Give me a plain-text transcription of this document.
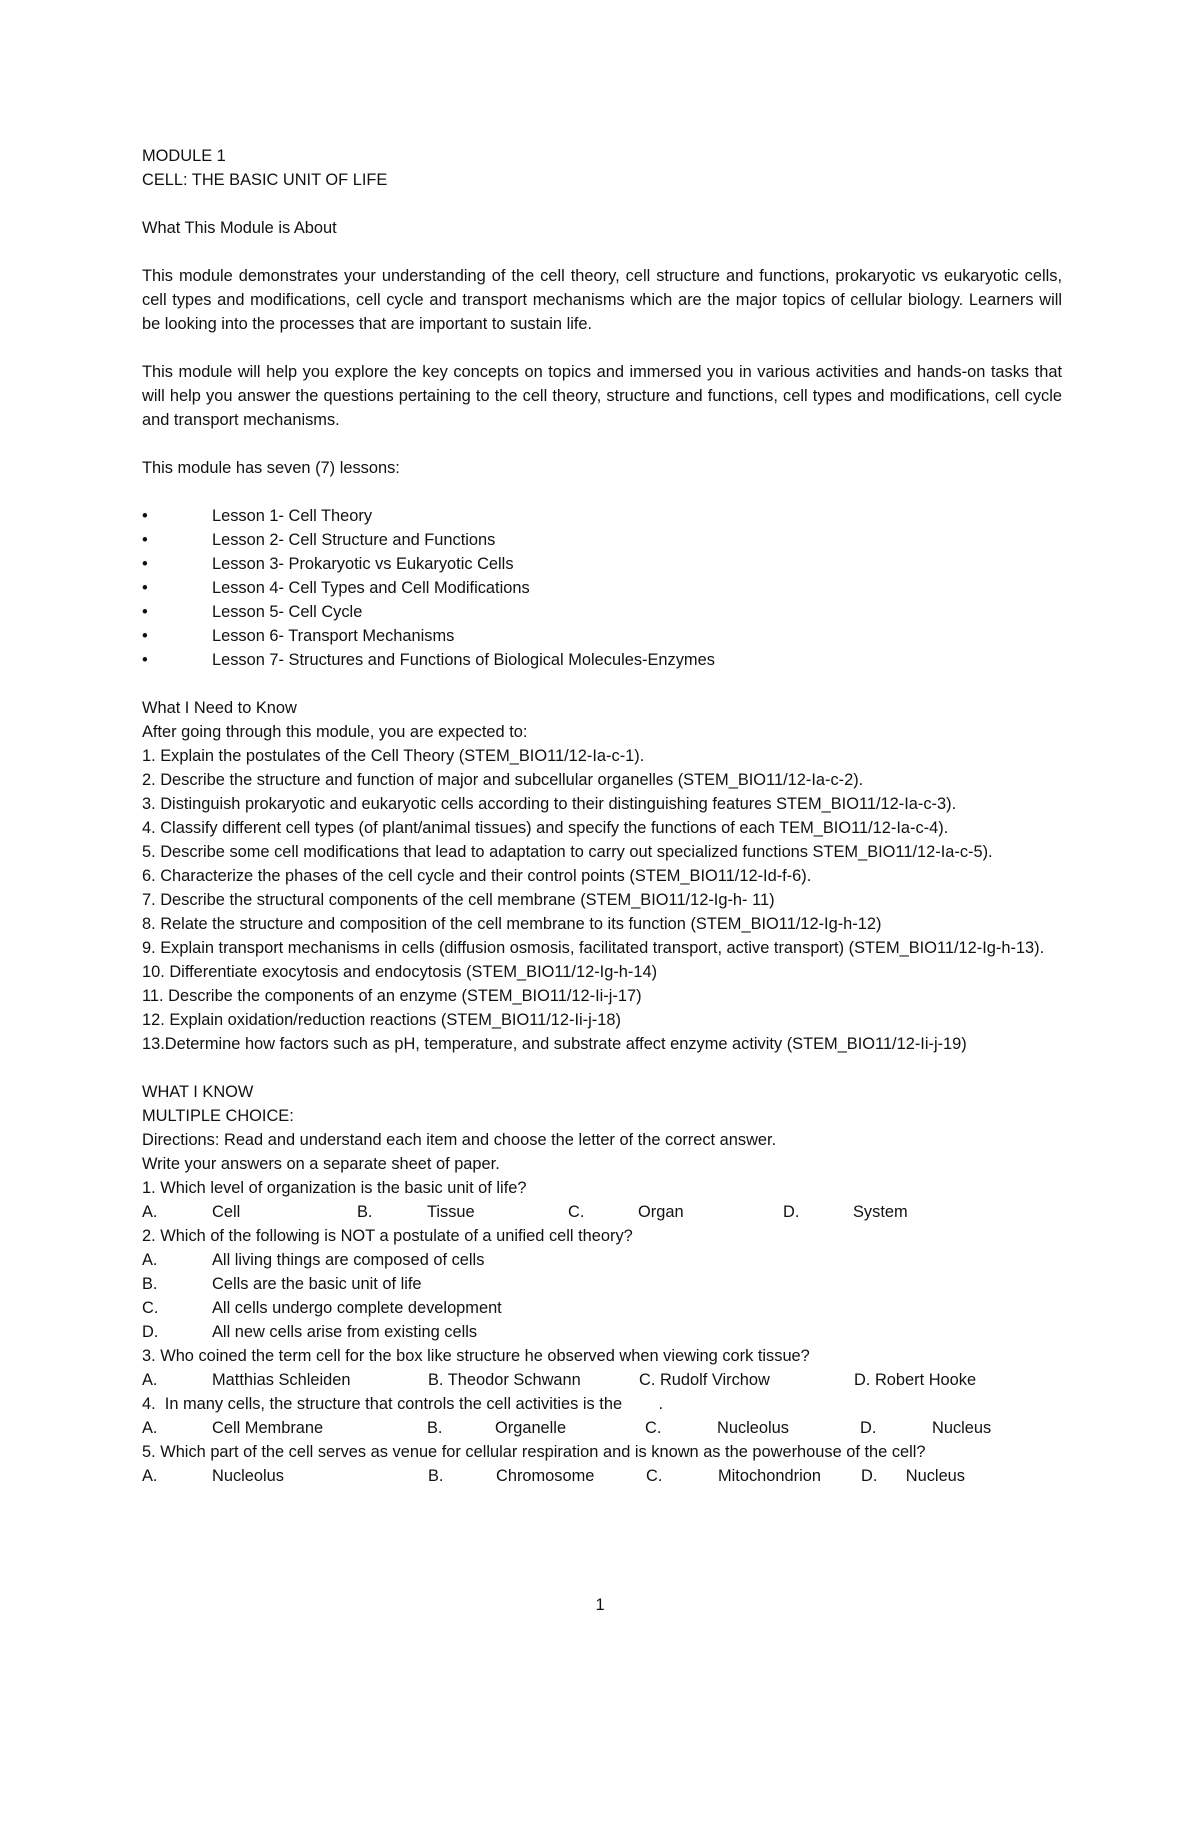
MODULE 1
CELL: THE BASIC UNIT OF LIFE
What This Module is About
This module demonstrates your understanding of the cell theory, cell structure and functions, prokaryotic vs eukaryotic cells, cell types and modifications, cell cycle and transport mechanisms which are the major topics of cellular biology. Learners will be looking into the processes that are important to sustain life.
This module will help you explore the key concepts on topics and immersed you in various activities and hands-on tasks that will help you answer the questions pertaining to the cell theory, structure and functions, cell types and modifications, cell cycle and transport mechanisms.
This module has seven (7) lessons:
•	Lesson 1- Cell Theory
•	Lesson 2- Cell Structure and Functions
•	Lesson 3- Prokaryotic vs Eukaryotic Cells
•	Lesson 4- Cell Types and Cell Modifications
•	Lesson 5- Cell Cycle
•	Lesson 6- Transport Mechanisms
•	Lesson 7- Structures and Functions of Biological Molecules-Enzymes
What I Need to Know
After going through this module, you are expected to:
1. Explain the postulates of the Cell Theory (STEM_BIO11/12-Ia-c-1).
2. Describe the structure and function of major and subcellular organelles (STEM_BIO11/12-Ia-c-2).
3. Distinguish prokaryotic and eukaryotic cells according to their distinguishing features STEM_BIO11/12-Ia-c-3).
4. Classify different cell types (of plant/animal tissues) and specify the functions of each TEM_BIO11/12-Ia-c-4).
5. Describe some cell modifications that lead to adaptation to carry out specialized functions STEM_BIO11/12-Ia-c-5).
6. Characterize the phases of the cell cycle and their control points (STEM_BIO11/12-Id-f-6).
7. Describe the structural components of the cell membrane (STEM_BIO11/12-Ig-h- 11)
8. Relate the structure and composition of the cell membrane to its function (STEM_BIO11/12-Ig-h-12)
9. Explain transport mechanisms in cells (diffusion osmosis, facilitated transport, active transport) (STEM_BIO11/12-Ig-h-13).
10. Differentiate exocytosis and endocytosis (STEM_BIO11/12-Ig-h-14)
11. Describe the components of an enzyme (STEM_BIO11/12-Ii-j-17)
12. Explain oxidation/reduction reactions (STEM_BIO11/12-Ii-j-18)
13.Determine how factors such as pH, temperature, and substrate affect enzyme activity (STEM_BIO11/12-Ii-j-19)
WHAT I KNOW
MULTIPLE CHOICE:
Directions: Read and understand each item and choose the letter of the correct answer.
Write your answers on a separate sheet of paper.
1. Which level of organization is the basic unit of life?
A.	Cell	B.	Tissue	C.	Organ	D.	System
2. Which of the following is NOT a postulate of a unified cell theory?
A.	All living things are composed of cells
B.	Cells are the basic unit of life
C.	All cells undergo complete development
D.	All new cells arise from existing cells
3. Who coined the term cell for the box like structure he observed when viewing cork tissue?
A.	Matthias Schleiden	B. Theodor Schwann	C. Rudolf Virchow	D. Robert Hooke
4.  In many cells, the structure that controls the cell activities is the        .
A.	Cell Membrane	B.	Organelle	C.	Nucleolus	D.	Nucleus
5. Which part of the cell serves as venue for cellular respiration and is known as the powerhouse of the cell?
A.	Nucleolus	B.	Chromosome	C.	Mitochondrion	D.	Nucleus
1
